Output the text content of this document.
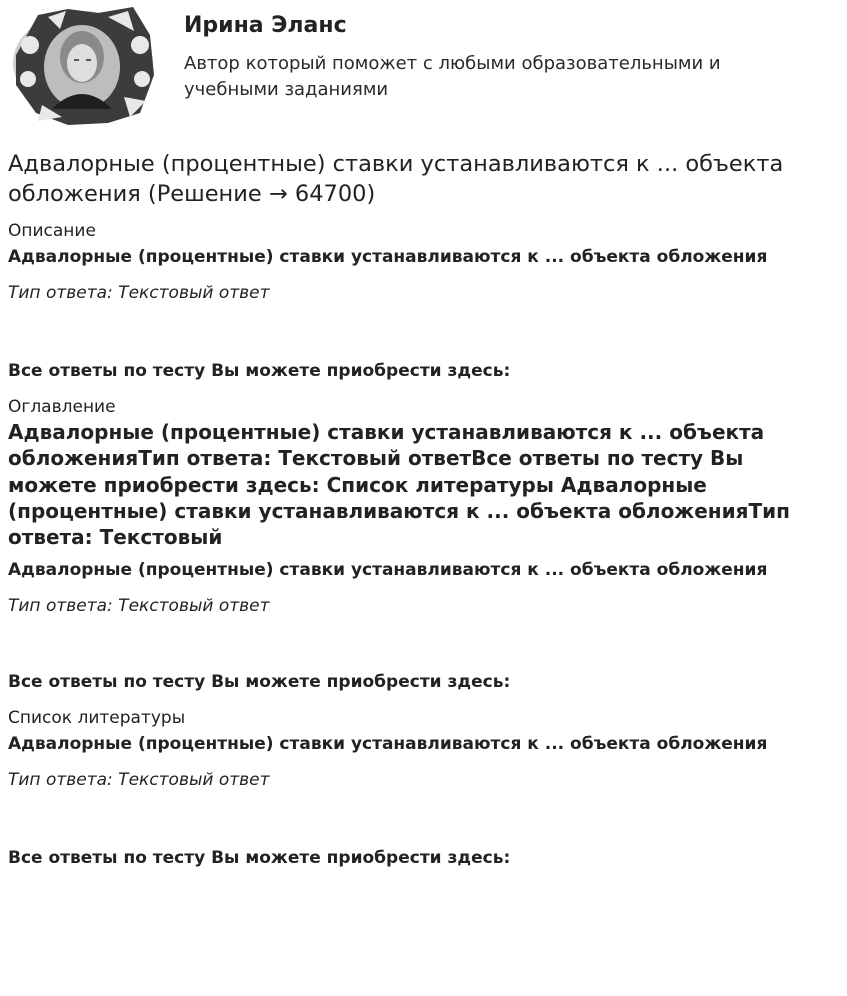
Ирина Эланс
Автор который поможет с любыми образовательными и учебными заданиями
Адвалорные (процентные) ставки устанавливаются к ... объекта обложения (Решение → 64700)
Описание
Адвалорные (процентные) ставки устанавливаются к ... объекта обложения
Тип ответа: Текстовый ответ
Все ответы по тесту Вы можете приобрести здесь:
Оглавление
Адвалорные (процентные) ставки устанавливаются к ... объекта обложенияТип ответа: Текстовый ответВсе ответы по тесту Вы можете приобрести здесь: Список литературы Адвалорные (процентные) ставки устанавливаются к ... объекта обложенияТип ответа: Текстовый
Адвалорные (процентные) ставки устанавливаются к ... объекта обложения
Тип ответа: Текстовый ответ
Все ответы по тесту Вы можете приобрести здесь:
Список литературы
Адвалорные (процентные) ставки устанавливаются к ... объекта обложения
Тип ответа: Текстовый ответ
Все ответы по тесту Вы можете приобрести здесь:
